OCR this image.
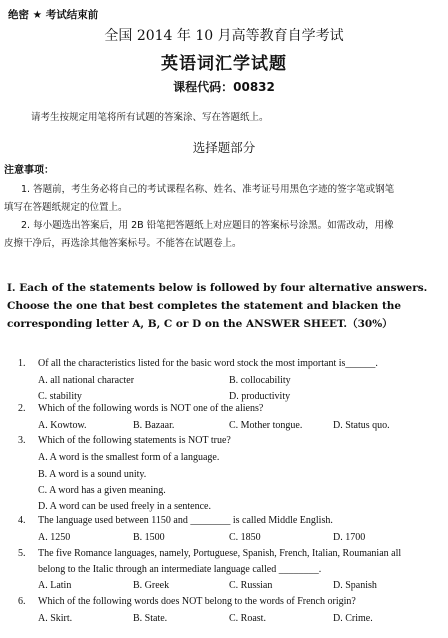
绝密 ★ 考试结束前
全国 2014 年 10 月高等教育自学考试
英语词汇学试题
课程代码：00832
请考生按规定用笔将所有试题的答案涂、写在答题纸上。
选择题部分
注意事项：
1. 答题前，考生务必将自己的考试课程名称、姓名、准考证号用黑色字迹的签字笔或钢笔
填写在答题纸规定的位置上。
2. 每小题选出答案后，用 2B 铅笔把答题纸上对应题目的答案标号涂黑。如需改动，用橡
皮擦干净后，再选涂其他答案标号。不能答在试题卷上。
I. Each of the statements below is followed by four alternative answers. Choose the one that best completes the statement and blacken the corresponding letter A, B, C or D on the ANSWER SHEET.（30%）
1. Of all the characteristics listed for the basic word stock the most important is______.
A. all national character	B. collocability
C. stability	D. productivity
2. Which of the following words is NOT one of the aliens?
A. Kowtow.	B. Bazaar.	C. Mother tongue.	D. Status quo.
3. Which of the following statements is NOT true?
A. A word is the smallest form of a language.
B. A word is a sound unity.
C. A word has a given meaning.
D. A word can be used freely in a sentence.
4. The language used between 1150 and ________ is called Middle English.
A. 1250	B. 1500	C. 1850	D. 1700
5. The five Romance languages, namely, Portuguese, Spanish, French, Italian, Roumanian all
belong to the Italic through an intermediate language called ________.
A. Latin	B. Greek	C. Russian	D. Spanish
6. Which of the following words does NOT belong to the words of French origin?
A. Skirt.	B. State.	C. Roast.	D. Crime.
